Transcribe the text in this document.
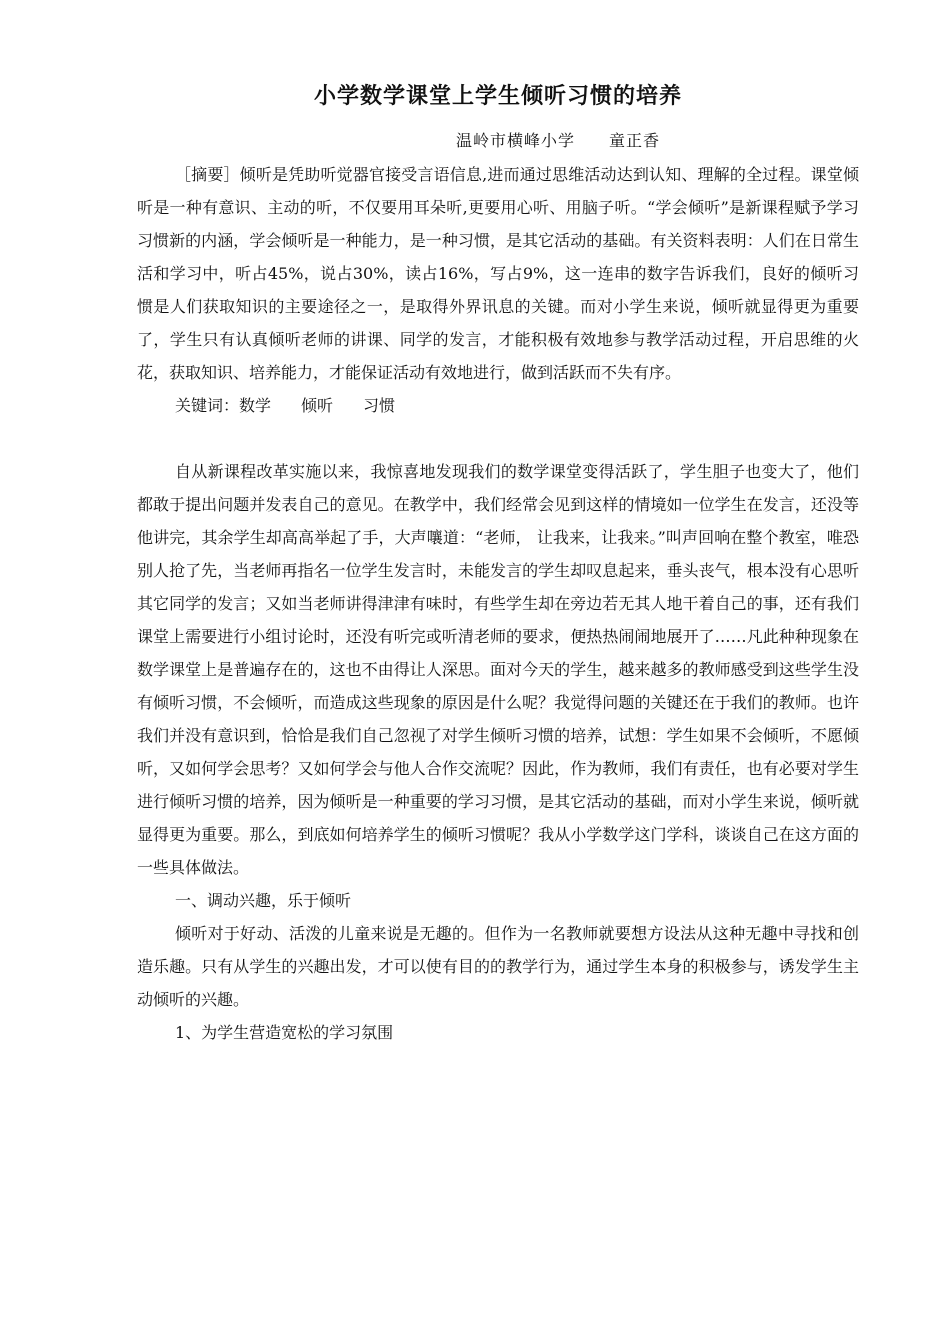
小学数学课堂上学生倾听习惯的培养
温岭市横峰小学 童正香

［摘要］倾听是凭助听觉器官接受言语信息,进而通过思维活动达到认知、理解的全过程。课堂倾听是一种有意识、主动的听，不仅要用耳朵听,更要用心听、用脑子听。“学会倾听”是新课程赋予学习习惯新的内涵，学会倾听是一种能力，是一种习惯，是其它活动的基础。有关资料表明：人们在日常生活和学习中，听占45%，说占30%，读占16%，写占9%，这一连串的数字告诉我们，良好的倾听习惯是人们获取知识的主要途径之一，是取得外界讯息的关键。而对小学生来说，倾听就显得更为重要了，学生只有认真倾听老师的讲课、同学的发言，才能积极有效地参与教学活动过程，开启思维的火花，获取知识、培养能力，才能保证活动有效地进行，做到活跃而不失有序。

关键词：数学 倾听 习惯

自从新课程改革实施以来，我惊喜地发现我们的数学课堂变得活跃了，学生胆子也变大了，他们都敢于提出问题并发表自己的意见。在教学中，我们经常会见到这样的情境如一位学生在发言，还没等他讲完，其余学生却高高举起了手，大声嚷道：“老师， 让我来，让我来。”叫声回响在整个教室，唯恐别人抢了先，当老师再指名一位学生发言时，未能发言的学生却叹息起来，垂头丧气，根本没有心思听其它同学的发言；又如当老师讲得津津有味时，有些学生却在旁边若无其人地干着自己的事，还有我们课堂上需要进行小组讨论时，还没有听完或听清老师的要求，便热热闹闹地展开了……凡此种种现象在数学课堂上是普遍存在的，这也不由得让人深思。面对今天的学生，越来越多的教师感受到这些学生没有倾听习惯，不会倾听，而造成这些现象的原因是什么呢？我觉得问题的关键还在于我们的教师。也许我们并没有意识到，恰恰是我们自己忽视了对学生倾听习惯的培养，试想：学生如果不会倾听，不愿倾听，又如何学会思考？又如何学会与他人合作交流呢？因此，作为教师，我们有责任，也有必要对学生进行倾听习惯的培养，因为倾听是一种重要的学习习惯，是其它活动的基础，而对小学生来说，倾听就显得更为重要。那么，到底如何培养学生的倾听习惯呢？我从小学数学这门学科，谈谈自己在这方面的一些具体做法。

一、调动兴趣，乐于倾听

倾听对于好动、活泼的儿童来说是无趣的。但作为一名教师就要想方设法从这种无趣中寻找和创造乐趣。只有从学生的兴趣出发，才可以使有目的的教学行为，通过学生本身的积极参与，诱发学生主动倾听的兴趣。

1、为学生营造宽松的学习氛围
